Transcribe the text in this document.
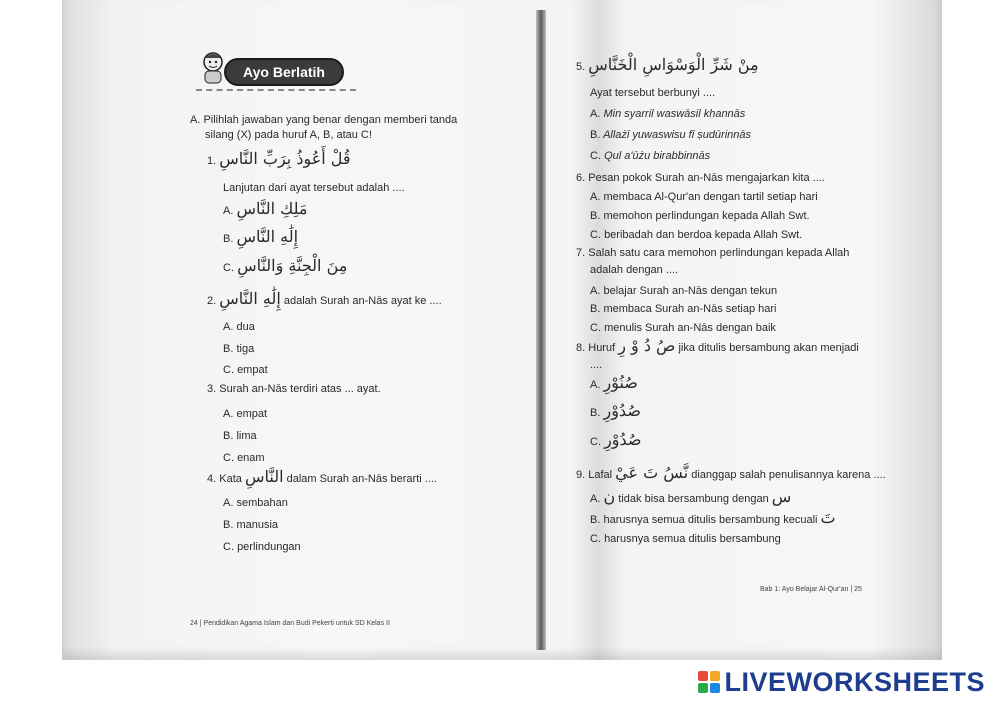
Ayo Berlatih
A. Pilihlah jawaban yang benar dengan memberi tanda
silang (X) pada huruf A, B, atau C!
1. قُلْ أَعُوذُ بِرَبِّ النَّاسِ
Lanjutan dari ayat tersebut adalah ....
A. مَلِكِ النَّاسِ
B. إِلَٰهِ النَّاسِ
C. مِنَ الْجِنَّةِ وَالنَّاسِ
2. إِلَٰهِ النَّاسِ adalah Surah an-Nās ayat ke ....
A. dua
B. tiga
C. empat
3. Surah an-Nās terdiri atas ... ayat.
A. empat
B. lima
C. enam
4. Kata النَّاسِ dalam Surah an-Nās berarti ....
A. sembahan
B. manusia
C. perlindungan
24 | Pendidikan Agama Islam dan Budi Pekerti untuk SD Kelas II
5. مِنْ شَرِّ الْوَسْوَاسِ الْخَنَّاسِ
Ayat tersebut berbunyi ....
A. Min syarril waswāsil khannās
B. Allażī yuwaswisu fī ṣudūrinnās
C. Qul a'ūżu birabbinnās
6. Pesan pokok Surah an-Nās mengajarkan kita ....
A. membaca Al-Qur'an dengan tartil setiap hari
B. memohon perlindungan kepada Allah Swt.
C. beribadah dan berdoa kepada Allah Swt.
7. Salah satu cara memohon perlindungan kepada Allah
adalah dengan ....
A. belajar Surah an-Nās dengan tekun
B. membaca Surah an-Nās setiap hari
C. menulis Surah an-Nās dengan baik
8. Huruf صُ دُ وْ رِ jika ditulis bersambung akan menjadi
....
A. صُنُوْرِ
B. صُدُوْرِ
C. صُدُوْرِ
9. Lafal نَّسُ تَ عَيْ dianggap salah penulisannya karena ....
A. ن tidak bisa bersambung dengan س
B. harusnya semua ditulis bersambung kecuali تَ
C. harusnya semua ditulis bersambung
Bab 1: Ayo Belajar Al-Qur'an | 25
LIVEWORKSHEETS
